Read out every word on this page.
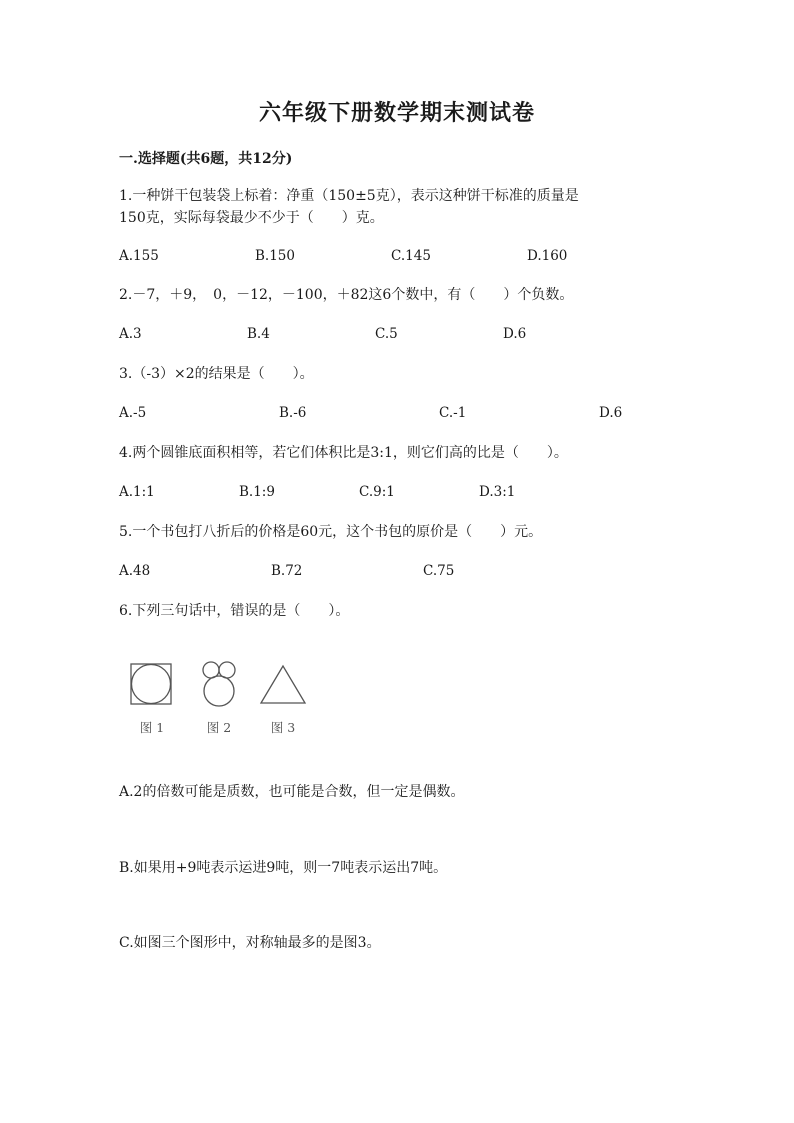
六年级下册数学期末测试卷

一.选择题(共6题，共12分)

1.一种饼干包装袋上标着：净重（150±5克），表示这种饼干标准的质量是
150克，实际每袋最少不少于（　　）克。

A.155	B.150	C.145	D.160

2.－7，＋9，　0，－12，－100，＋82这6个数中，有（　　）个负数。

A.3	B.4	C.5	D.6

3.（-3）×2的结果是（　　）。

A.-5	B.-6	C.-1	D.6

4.两个圆锥底面积相等，若它们体积比是3:1，则它们高的比是（　　）。

A.1:1	B.1:9	C.9:1	D.3:1

5.一个书包打八折后的价格是60元，这个书包的原价是（　　）元。

A.48	B.72	C.75

6.下列三句话中，错误的是（　　）。

图 1	图 2	图 3

A.2的倍数可能是质数，也可能是合数，但一定是偶数。

B.如果用+9吨表示运进9吨，则一7吨表示运出7吨。

C.如图三个图形中，对称轴最多的是图3。
